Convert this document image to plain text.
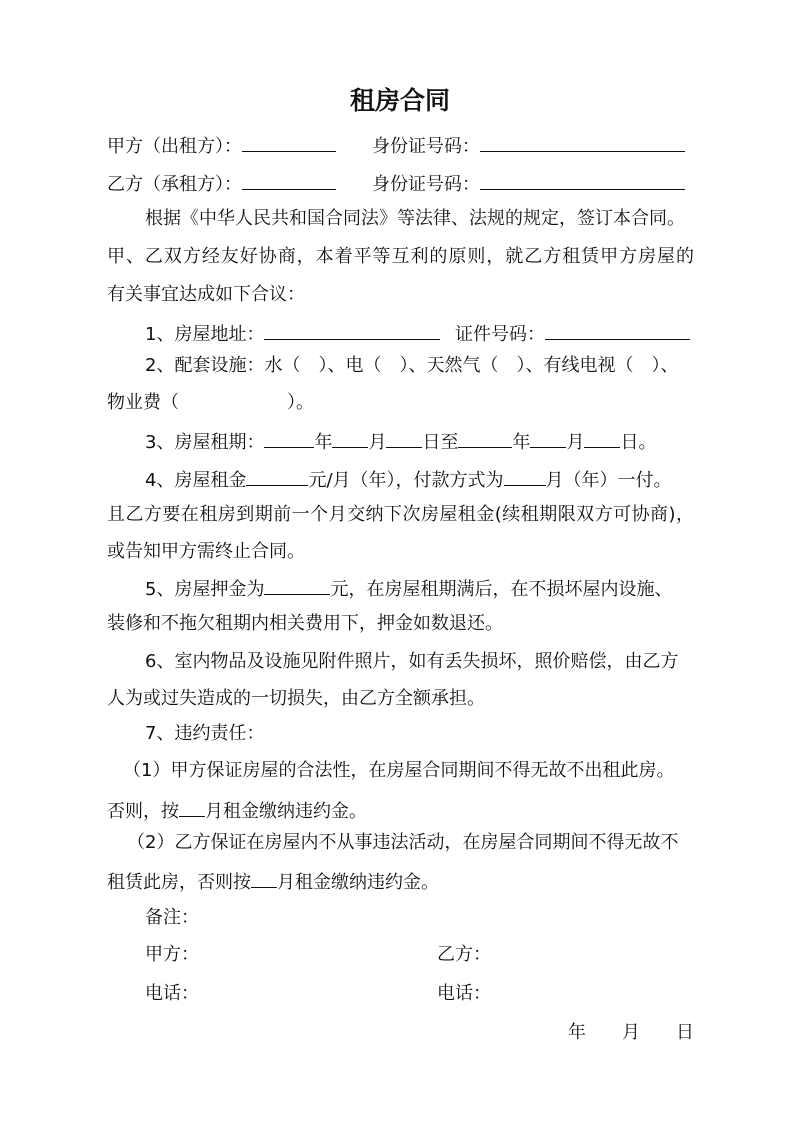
租房合同
甲方（出租方）：	身份证号码：
乙方（承租方）：	身份证号码：
根据《中华人民共和国合同法》等法律、法规的规定，签订本合同。
甲、乙双方经友好协商，本着平等互利的原则，就乙方租赁甲方房屋的
有关事宜达成如下合议：
1、房屋地址：	证件号码：
2、配套设施：水（　）、电（　）、天然气（　）、有线电视（　）、
物业费（　　　　　　）。
3、房屋租期：	年 月 日至	年 月 日。
4、房屋租金	元/月（年），付款方式为 月（年）一付。
且乙方要在租房到期前一个月交纳下次房屋租金(续租期限双方可协商)，
或告知甲方需终止合同。
5、房屋押金为	元，在房屋租期满后，在不损坏屋内设施、
装修和不拖欠租期内相关费用下，押金如数退还。
6、室内物品及设施见附件照片，如有丢失损坏，照价赔偿，由乙方
人为或过失造成的一切损失，由乙方全额承担。
7、违约责任：
（1）甲方保证房屋的合法性，在房屋合同期间不得无故不出租此房。
否则，按 月租金缴纳违约金。
（2）乙方保证在房屋内不从事违法活动，在房屋合同期间不得无故不
租赁此房，否则按 月租金缴纳违约金。
备注：
甲方：	乙方：
电话：	电话：
年　　月　　日
